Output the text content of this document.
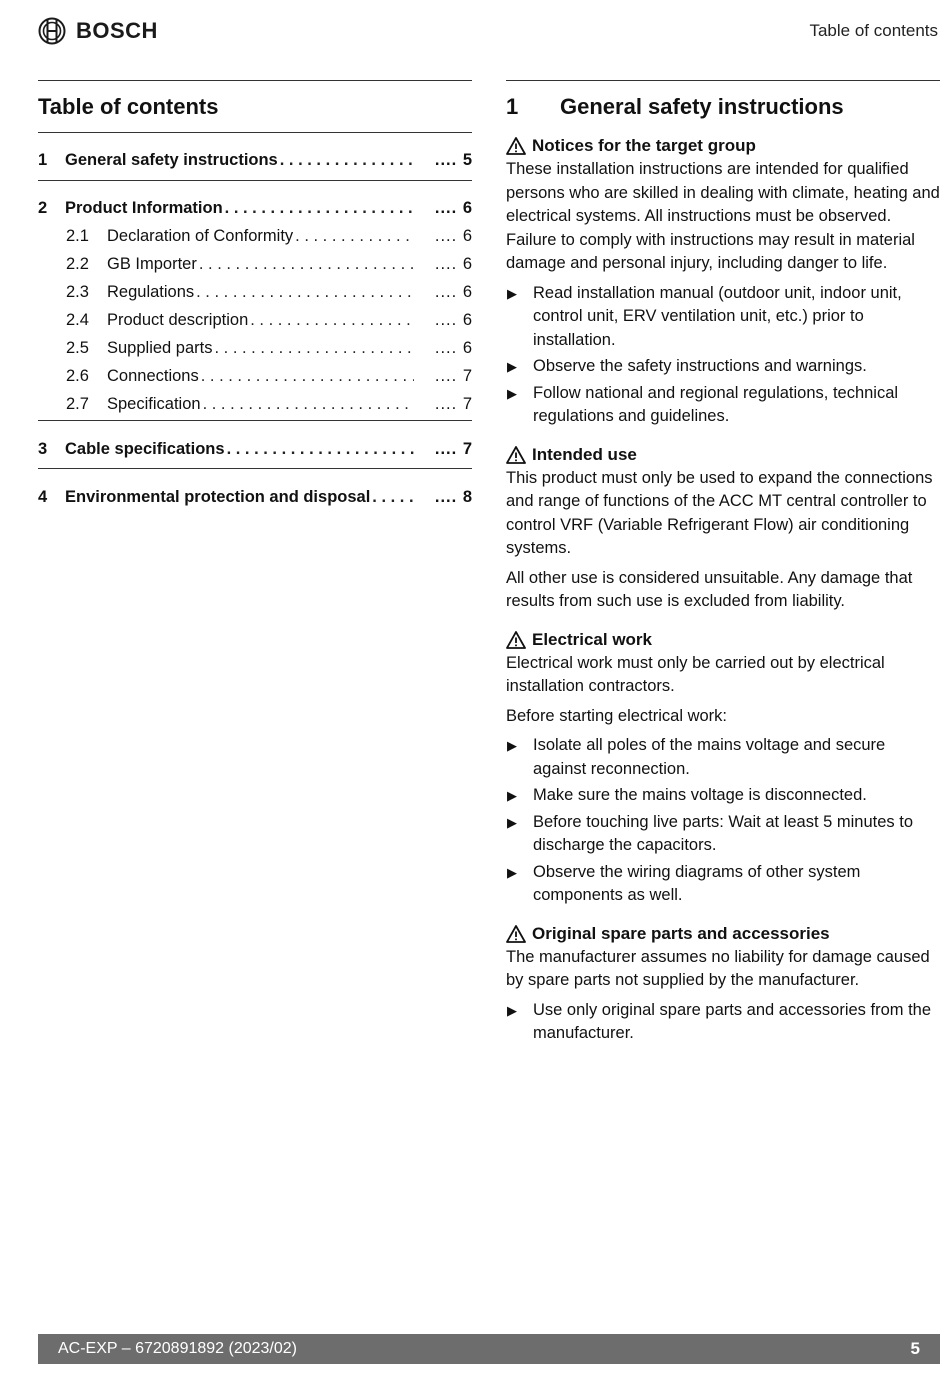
BOSCH	Table of contents
Table of contents
1	General safety instructions . . .	.... 5
2	Product Information . . .	.... 6
2.1	Declaration of Conformity . . .	.... 6
2.2	GB Importer . . .	.... 6
2.3	Regulations . . .	.... 6
2.4	Product description . . .	.... 6
2.5	Supplied parts . . .	.... 6
2.6	Connections . . .	.... 7
2.7	Specification . . .	.... 7
3	Cable specifications . . .	.... 7
4	Environmental protection and disposal . . .	.... 8
1	General safety instructions
Notices for the target group

These installation instructions are intended for qualified persons who are skilled in dealing with climate, heating and electrical systems. All instructions must be observed. Failure to comply with instructions may result in material damage and personal injury, including danger to life.

▶ Read installation manual (outdoor unit, indoor unit, control unit, ERV ventilation unit, etc.) prior to installation.
▶ Observe the safety instructions and warnings.
▶ Follow national and regional regulations, technical regulations and guidelines.
Intended use

This product must only be used to expand the connections and range of functions of the ACC MT central controller to control VRF (Variable Refrigerant Flow) air conditioning systems.

All other use is considered unsuitable. Any damage that results from such use is excluded from liability.

Electrical work

Electrical work must only be carried out by electrical installation contractors.

Before starting electrical work:

▶ Isolate all poles of the mains voltage and secure against reconnection.
▶ Make sure the mains voltage is disconnected.
▶ Before touching live parts: Wait at least 5 minutes to discharge the capacitors.
▶ Observe the wiring diagrams of other system components as well.
Original spare parts and accessories

The manufacturer assumes no liability for damage caused by spare parts not supplied by the manufacturer.

▶ Use only original spare parts and accessories from the manufacturer.
AC-EXP – 6720891892 (2023/02)	5
